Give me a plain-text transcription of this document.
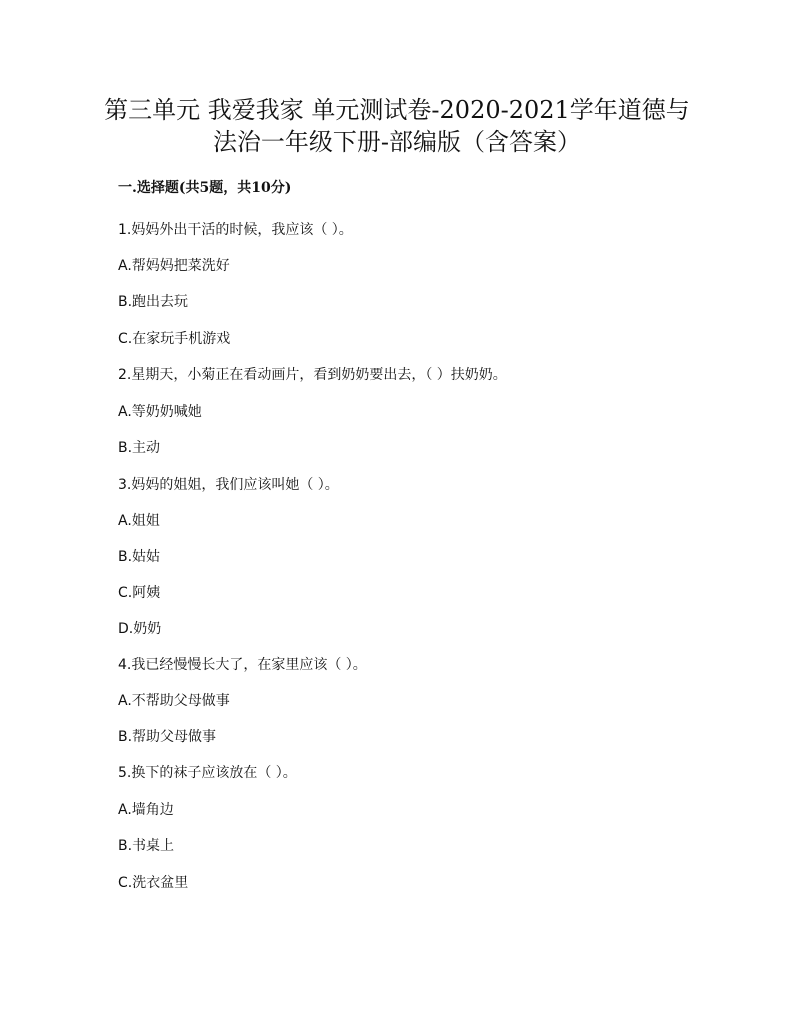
第三单元 我爱我家 单元测试卷-2020-2021学年道德与
法治一年级下册-部编版（含答案）
一.选择题(共5题，共10分)
1.妈妈外出干活的时候，我应该（ ）。
A.帮妈妈把菜洗好
B.跑出去玩
C.在家玩手机游戏
2.星期天，小菊正在看动画片，看到奶奶要出去，（ ）扶奶奶。
A.等奶奶喊她
B.主动
3.妈妈的姐姐，我们应该叫她（ ）。
A.姐姐
B.姑姑
C.阿姨
D.奶奶
4.我已经慢慢长大了，在家里应该（ ）。
A.不帮助父母做事
B.帮助父母做事
5.换下的袜子应该放在（ ）。
A.墙角边
B.书桌上
C.洗衣盆里
